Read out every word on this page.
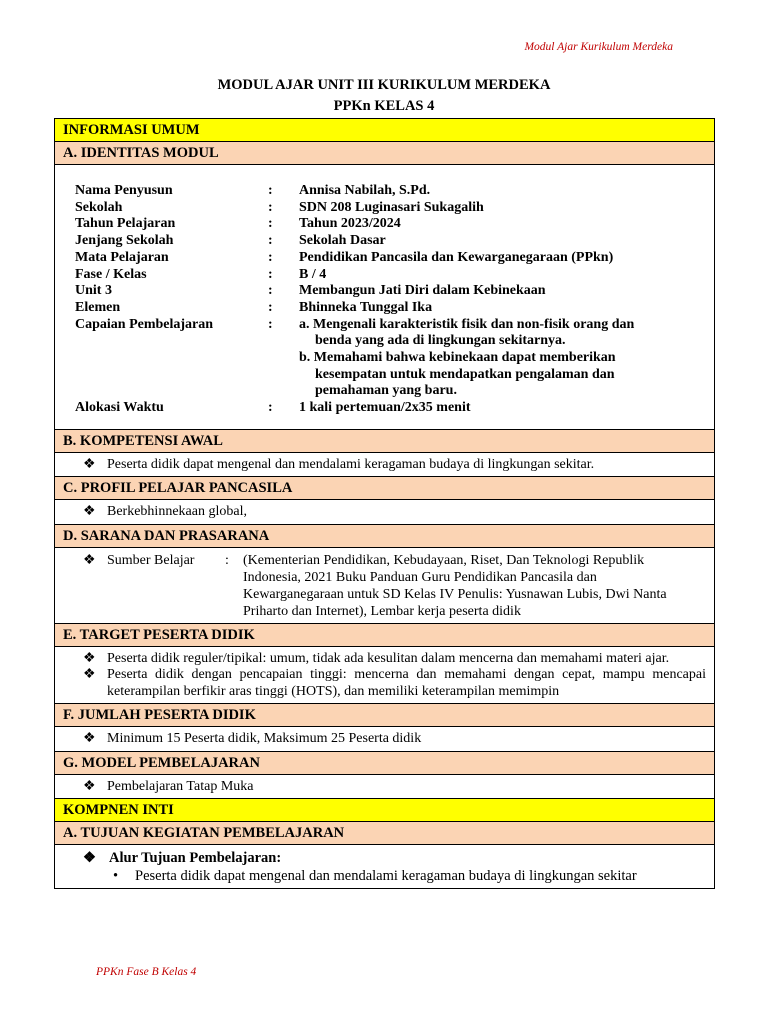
Modul Ajar Kurikulum Merdeka
MODUL AJAR UNIT III KURIKULUM MERDEKA
PPKn KELAS 4
INFORMASI UMUM
A. IDENTITAS MODUL

Nama Penyusun	:	Annisa Nabilah, S.Pd.
Sekolah	:	SDN 208 Luginasari Sukagalih
Tahun Pelajaran	:	Tahun 2023/2024
Jenjang Sekolah	:	Sekolah Dasar
Mata Pelajaran	:	Pendidikan Pancasila dan Kewarganegaraan (PPkn)
Fase / Kelas	:	B / 4
Unit 3	:	Membangun Jati Diri dalam Kebinekaan
Elemen	:	Bhinneka Tunggal Ika
Capaian Pembelajaran	:	a. Mengenali karakteristik fisik dan non-fisik orang dan benda yang ada di lingkungan sekitarnya.
b. Memahami bahwa kebinekaan dapat memberikan kesempatan untuk mendapatkan pengalaman dan pemahaman yang baru.
Alokasi Waktu	:	1 kali pertemuan/2x35 menit

B. KOMPETENSI AWAL

❖ Peserta didik dapat mengenal dan mendalami keragaman budaya di lingkungan sekitar.

C. PROFIL PELAJAR PANCASILA

❖ Berkebhinnekaan global,

D. SARANA DAN PRASARANA

❖ Sumber Belajar	:	(Kementerian Pendidikan, Kebudayaan, Riset, Dan Teknologi Republik Indonesia, 2021 Buku Panduan Guru Pendidikan Pancasila dan Kewarganegaraan untuk SD Kelas IV Penulis: Yusnawan Lubis, Dwi Nanta Priharto dan Internet), Lembar kerja peserta didik

E. TARGET PESERTA DIDIK

❖ Peserta didik reguler/tipikal: umum, tidak ada kesulitan dalam mencerna dan memahami materi ajar.
❖ Peserta didik dengan pencapaian tinggi: mencerna dan memahami dengan cepat, mampu mencapai keterampilan berfikir aras tinggi (HOTS), dan memiliki keterampilan memimpin

F. JUMLAH PESERTA DIDIK

❖ Minimum 15 Peserta didik, Maksimum 25 Peserta didik

G. MODEL PEMBELAJARAN

❖ Pembelajaran Tatap Muka

KOMPNEN INTI
A. TUJUAN KEGIATAN PEMBELAJARAN

❖ Alur Tujuan Pembelajaran:
•	Peserta didik dapat mengenal dan mendalami keragaman budaya di lingkungan sekitar
PPKn Fase B Kelas 4
